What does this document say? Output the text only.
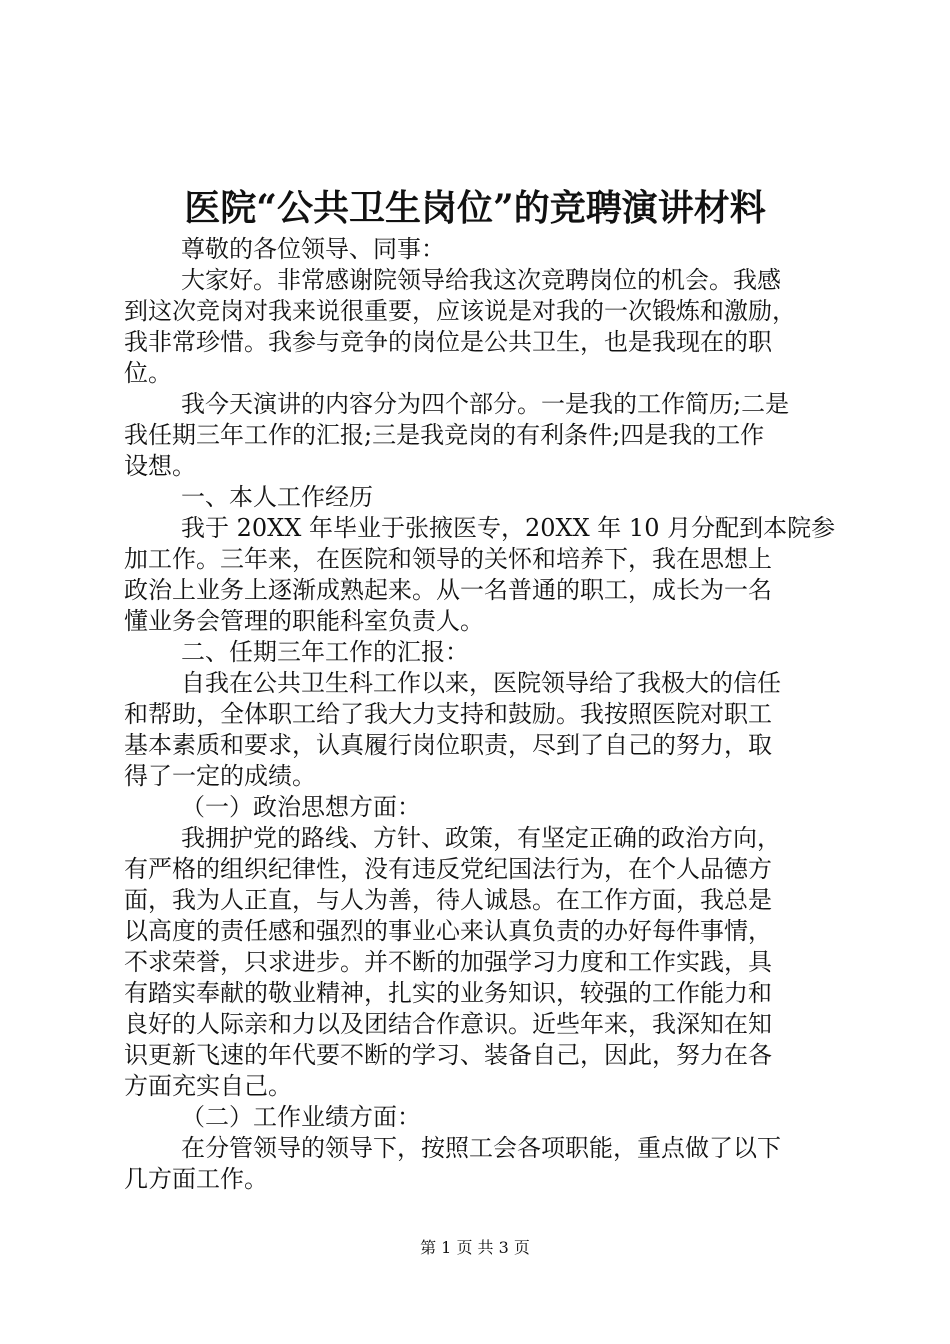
医院“公共卫生岗位”的竞聘演讲材料
尊敬的各位领导、同事：
大家好。非常感谢院领导给我这次竞聘岗位的机会。我感
到这次竞岗对我来说很重要，应该说是对我的一次锻炼和激励，
我非常珍惜。我参与竞争的岗位是公共卫生，也是我现在的职
位。
我今天演讲的内容分为四个部分。一是我的工作简历;二是
我任期三年工作的汇报;三是我竞岗的有利条件;四是我的工作
设想。
一、本人工作经历
我于 20XX 年毕业于张掖医专，20XX 年 10 月分配到本院参
加工作。三年来，在医院和领导的关怀和培养下，我在思想上
政治上业务上逐渐成熟起来。从一名普通的职工，成长为一名
懂业务会管理的职能科室负责人。
二、任期三年工作的汇报：
自我在公共卫生科工作以来，医院领导给了我极大的信任
和帮助，全体职工给了我大力支持和鼓励。我按照医院对职工
基本素质和要求，认真履行岗位职责，尽到了自己的努力，取
得了一定的成绩。
（一）政治思想方面：
我拥护党的路线、方针、政策，有坚定正确的政治方向，
有严格的组织纪律性，没有违反党纪国法行为，在个人品德方
面，我为人正直，与人为善，待人诚恳。在工作方面，我总是
以高度的责任感和强烈的事业心来认真负责的办好每件事情，
不求荣誉，只求进步。并不断的加强学习力度和工作实践，具
有踏实奉献的敬业精神，扎实的业务知识，较强的工作能力和
良好的人际亲和力以及团结合作意识。近些年来，我深知在知
识更新飞速的年代要不断的学习、装备自己，因此，努力在各
方面充实自己。
（二）工作业绩方面：
在分管领导的领导下，按照工会各项职能，重点做了以下
几方面工作。
第 1 页 共 3 页
